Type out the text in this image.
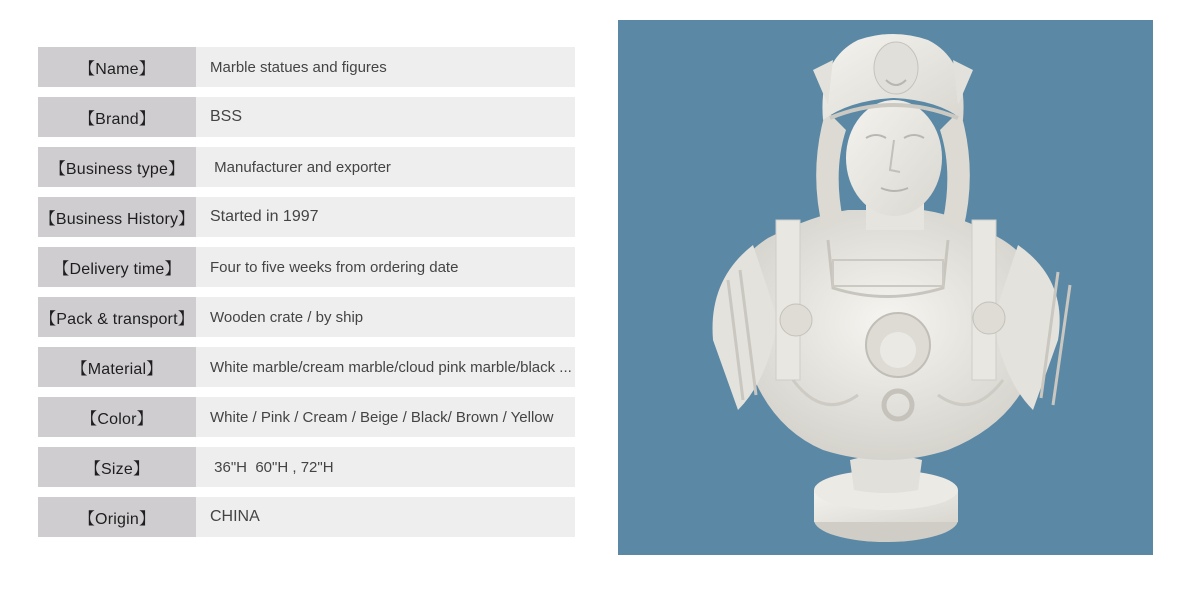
【Name】	Marble statues and figures
【Brand】	BSS
【Business type】	Manufacturer and exporter
【Business History】 Started in 1997
【Delivery time】	Four to five weeks from ordering date
【Pack & transport】	Wooden crate / by ship
【Material】	White marble/cream marble/cloud pink marble/black ...
【Color】	White / Pink / Cream / Beige / Black/ Brown / Yellow
【Size】	36"H  60"H , 72"H
【Origin】	CHINA
